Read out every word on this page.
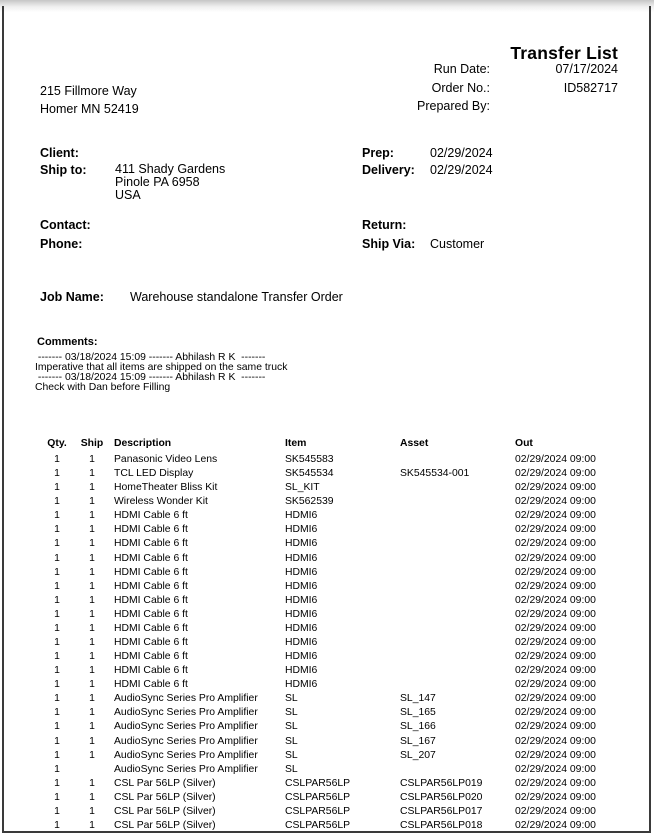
Transfer List
Run Date:	07/17/2024
Order No.:	ID582717
Prepared By:
215 Fillmore Way
Homer MN 52419
Client:
Ship to:	411 Shady Gardens
Pinole PA 6958
USA
Contact:
Phone:
Prep:	02/29/2024
Delivery:	02/29/2024
Return:
Ship Via:	Customer
Job Name:	Warehouse standalone Transfer Order
Comments:
------- 03/18/2024 15:09 ------- Abhilash R K  -------
Imperative that all items are shipped on the same truck
------- 03/18/2024 15:09 ------- Abhilash R K  -------
Check with Dan before Filling
Qty.	Ship	Description	Item	Asset	Out
1	1	Panasonic Video Lens	SK545583		02/29/2024 09:00
1	1	TCL LED Display	SK545534	SK545534-001	02/29/2024 09:00
1	1	HomeTheater Bliss Kit	SL_KIT		02/29/2024 09:00
1	1	Wireless Wonder Kit	SK562539		02/29/2024 09:00
1	1	HDMI Cable 6 ft	HDMI6		02/29/2024 09:00
1	1	HDMI Cable 6 ft	HDMI6		02/29/2024 09:00
1	1	HDMI Cable 6 ft	HDMI6		02/29/2024 09:00
1	1	HDMI Cable 6 ft	HDMI6		02/29/2024 09:00
1	1	HDMI Cable 6 ft	HDMI6		02/29/2024 09:00
1	1	HDMI Cable 6 ft	HDMI6		02/29/2024 09:00
1	1	HDMI Cable 6 ft	HDMI6		02/29/2024 09:00
1	1	HDMI Cable 6 ft	HDMI6		02/29/2024 09:00
1	1	HDMI Cable 6 ft	HDMI6		02/29/2024 09:00
1	1	HDMI Cable 6 ft	HDMI6		02/29/2024 09:00
1	1	HDMI Cable 6 ft	HDMI6		02/29/2024 09:00
1	1	HDMI Cable 6 ft	HDMI6		02/29/2024 09:00
1	1	HDMI Cable 6 ft	HDMI6		02/29/2024 09:00
1	1	AudioSync Series Pro Amplifier	SL	SL_147	02/29/2024 09:00
1	1	AudioSync Series Pro Amplifier	SL	SL_165	02/29/2024 09:00
1	1	AudioSync Series Pro Amplifier	SL	SL_166	02/29/2024 09:00
1	1	AudioSync Series Pro Amplifier	SL	SL_167	02/29/2024 09:00
1	1	AudioSync Series Pro Amplifier	SL	SL_207	02/29/2024 09:00
1		AudioSync Series Pro Amplifier	SL		02/29/2024 09:00
1	1	CSL Par 56LP (Silver)	CSLPAR56LP	CSLPAR56LP019	02/29/2024 09:00
1	1	CSL Par 56LP (Silver)	CSLPAR56LP	CSLPAR56LP020	02/29/2024 09:00
1	1	CSL Par 56LP (Silver)	CSLPAR56LP	CSLPAR56LP017	02/29/2024 09:00
1	1	CSL Par 56LP (Silver)	CSLPAR56LP	CSLPAR56LP018	02/29/2024 09:00
